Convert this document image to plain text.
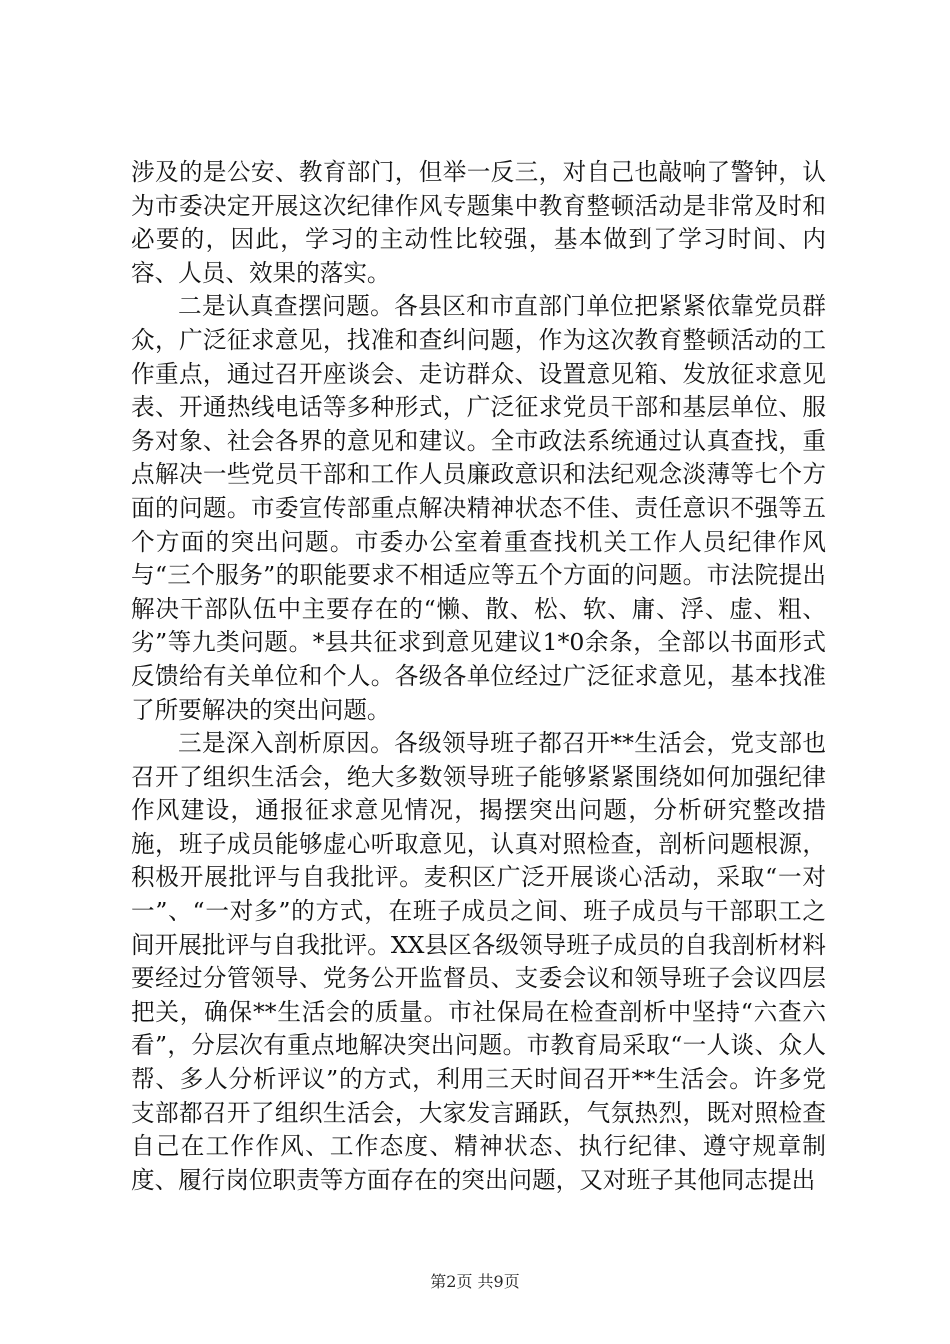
涉及的是公安、教育部门，但举一反三，对自己也敲响了警钟，认为市委决定开展这次纪律作风专题集中教育整顿活动是非常及时和必要的，因此，学习的主动性比较强，基本做到了学习时间、内容、人员、效果的落实。

二是认真查摆问题。各县区和市直部门单位把紧紧依靠党员群众，广泛征求意见，找准和查纠问题，作为这次教育整顿活动的工作重点，通过召开座谈会、走访群众、设置意见箱、发放征求意见表、开通热线电话等多种形式，广泛征求党员干部和基层单位、服务对象、社会各界的意见和建议。全市政法系统通过认真查找，重点解决一些党员干部和工作人员廉政意识和法纪观念淡薄等七个方面的问题。市委宣传部重点解决精神状态不佳、责任意识不强等五个方面的突出问题。市委办公室着重查找机关工作人员纪律作风与“三个服务”的职能要求不相适应等五个方面的问题。市法院提出解决干部队伍中主要存在的“懒、散、松、软、庸、浮、虚、粗、劣”等九类问题。*县共征求到意见建议1*0余条，全部以书面形式反馈给有关单位和个人。各级各单位经过广泛征求意见，基本找准了所要解决的突出问题。

三是深入剖析原因。各级领导班子都召开**生活会，党支部也召开了组织生活会，绝大多数领导班子能够紧紧围绕如何加强纪律作风建设，通报征求意见情况，揭摆突出问题，分析研究整改措施，班子成员能够虚心听取意见，认真对照检查，剖析问题根源，积极开展批评与自我批评。麦积区广泛开展谈心活动，采取“一对一”、“一对多”的方式，在班子成员之间、班子成员与干部职工之间开展批评与自我批评。XX县区各级领导班子成员的自我剖析材料要经过分管领导、党务公开监督员、支委会议和领导班子会议四层把关，确保**生活会的质量。市社保局在检查剖析中坚持“六查六看”，分层次有重点地解决突出问题。市教育局采取“一人谈、众人帮、多人分析评议”的方式，利用三天时间召开**生活会。许多党支部都召开了组织生活会，大家发言踊跃，气氛热烈，既对照检查自己在工作作风、工作态度、精神状态、执行纪律、遵守规章制度、履行岗位职责等方面存在的突出问题，又对班子其他同志提出

第2页 共9页
